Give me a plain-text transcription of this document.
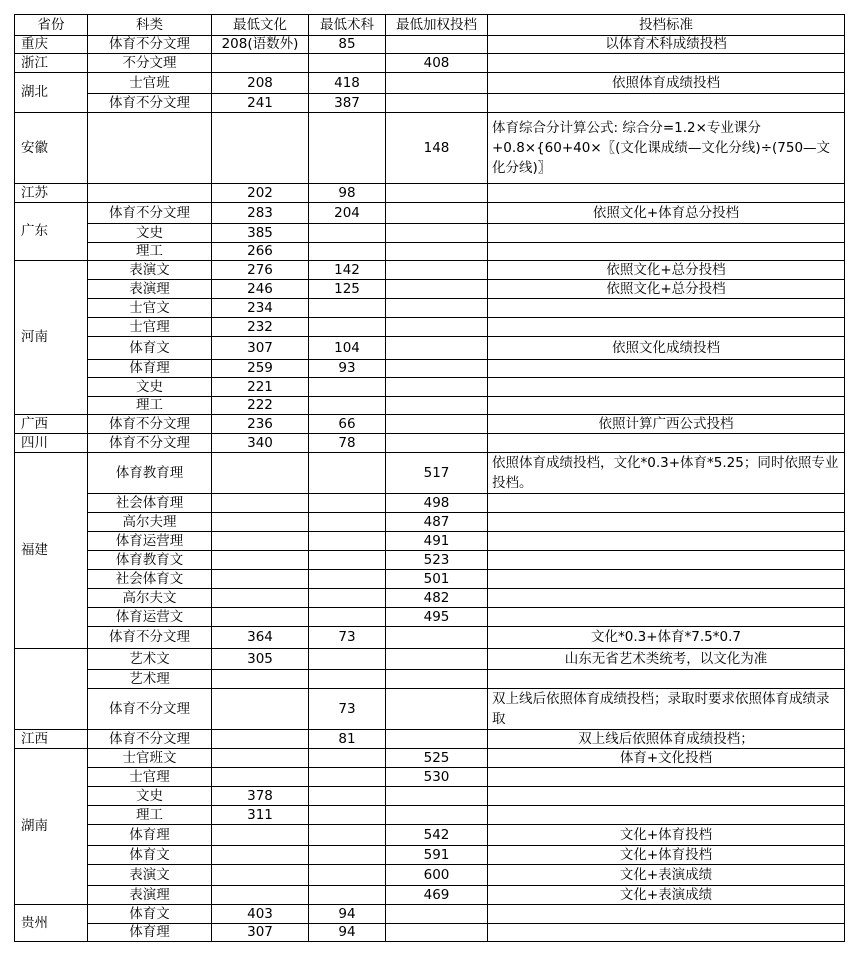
省份	科类	最低文化	最低术科	最低加权投档	投档标准
重庆	体育不分文理	208(语数外)	85		以体育术科成绩投档
浙江	不分文理			408	
湖北	士官班	208	418		依照体育成绩投档
	体育不分文理	241	387		
安徽				148	体育综合分计算公式: 综合分=1.2×专业课分+0.8×{60+40×〖(文化课成绩—文化分线)÷(750—文化分线)〗
江苏		202	98		
广东	体育不分文理	283	204		依照文化+体育总分投档
	文史	385			
	理工	266			
河南	表演文	276	142		依照文化+总分投档
	表演理	246	125		依照文化+总分投档
	士官文	234			
	士官理	232			
	体育文	307	104		依照文化成绩投档
	体育理	259	93		
	文史	221			
	理工	222			
广西	体育不分文理	236	66		依照计算广西公式投档
四川	体育不分文理	340	78		
福建	体育教育理			517	依照体育成绩投档，文化*0.3+体育*5.25；同时依照专业投档。
	社会体育理			498	
	高尔夫理			487	
	体育运营理			491	
	体育教育文			523	
	社会体育文			501	
	高尔夫文			482	
	体育运营文			495	
	体育不分文理	364	73		文化*0.3+体育*7.5*0.7
	艺术文	305			山东无省艺术类统考，以文化为准
	艺术理				
	体育不分文理		73		双上线后依照体育成绩投档；录取时要求依照体育成绩录取
江西	体育不分文理		81		双上线后依照体育成绩投档；
湖南	士官班文			525	体育+文化投档
	士官理			530	
	文史	378			
	理工	311			
	体育理			542	文化+体育投档
	体育文			591	文化+体育投档
	表演文			600	文化+表演成绩
	表演理			469	文化+表演成绩
贵州	体育文	403	94		
	体育理	307	94		
